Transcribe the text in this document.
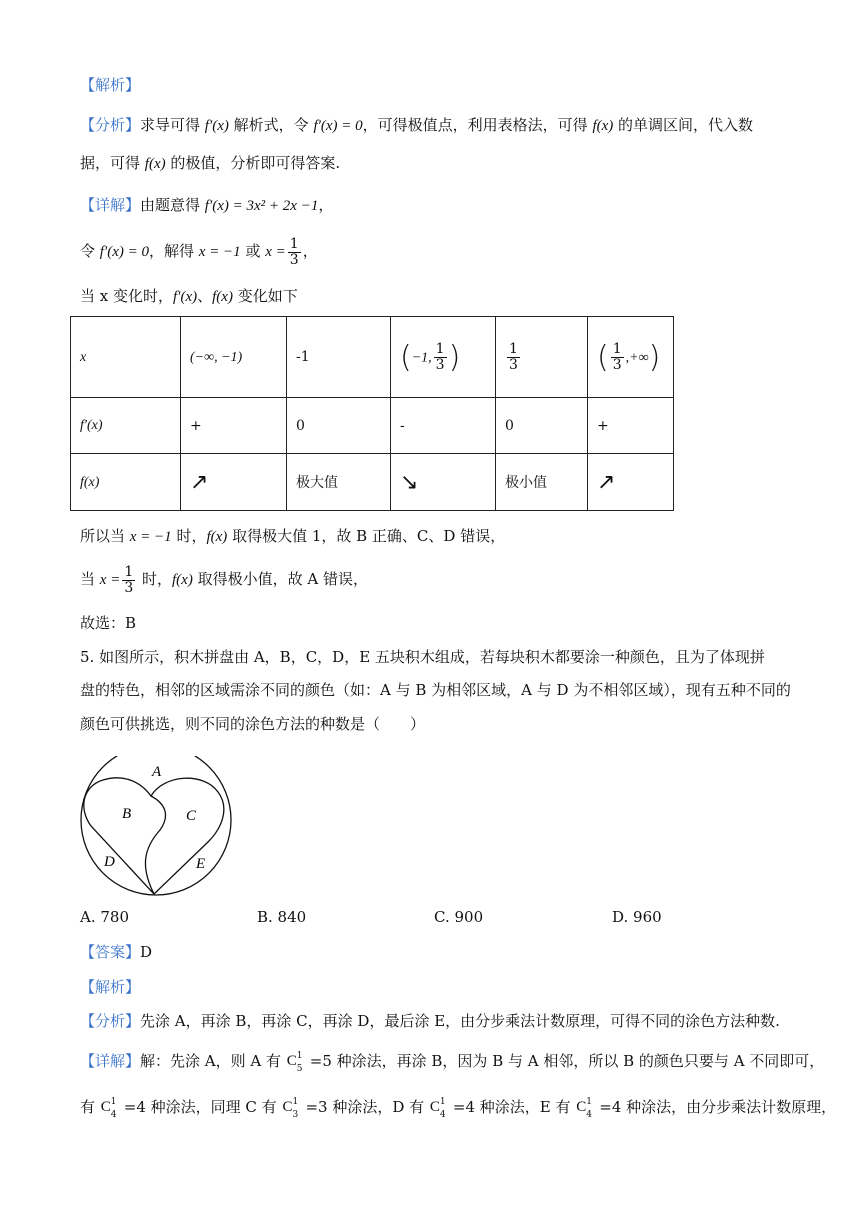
【解析】
【分析】求导可得 f′(x) 解析式，令 f′(x) = 0，可得极值点，利用表格法，可得 f(x) 的单调区间，代入数
据，可得 f(x) 的极值，分析即可得答案.
【详解】由题意得 f′(x) = 3x² + 2x −1，
令 f′(x) = 0，解得 x = −1 或 $x = \frac{1}{3}$ ，
当 x 变化时，f′(x)、f(x) 变化如下
x	(−∞, −1)	-1	(−1, $\frac{1}{3}$ )	$\frac{1}{3}$	( $\frac{1}{3}$ ,+∞)
f′(x)	+	0	-	0	+
f(x)	↗	极大值	↘	极小值	↗
所以当 x = −1 时，f(x) 取得极大值 1，故 B 正确、C、D 错误，
当 $x = \frac{1}{3}$ 时，f(x) 取得极小值，故 A 错误，
故选：B
5. 如图所示，积木拼盘由 A，B，C，D，E 五块积木组成，若每块积木都要涂一种颜色，且为了体现拼
盘的特色，相邻的区域需涂不同的颜色（如：A 与 B 为相邻区域，A 与 D 为不相邻区域），现有五种不同的
颜色可供挑选，则不同的涂色方法的种数是（　　）
A
B	C
D	E
A. 780	B. 840	C. 900	D. 960
【答案】D
【解析】
【分析】先涂 A，再涂 B，再涂 C，再涂 D，最后涂 E，由分步乘法计数原理，可得不同的涂色方法种数.
【详解】解：先涂 A，则 A 有 C 1
5 =5 种涂法，再涂 B，因为 B 与 A 相邻，所以 B 的颜色只要与 A 不同即可，
有 C 1
4 =4 种涂法，同理 C 有 C 1
3 =3 种涂法，D 有 C 1
4 =4 种涂法，E 有 C 1
4 =4 种涂法，由分步乘法计数原理，
